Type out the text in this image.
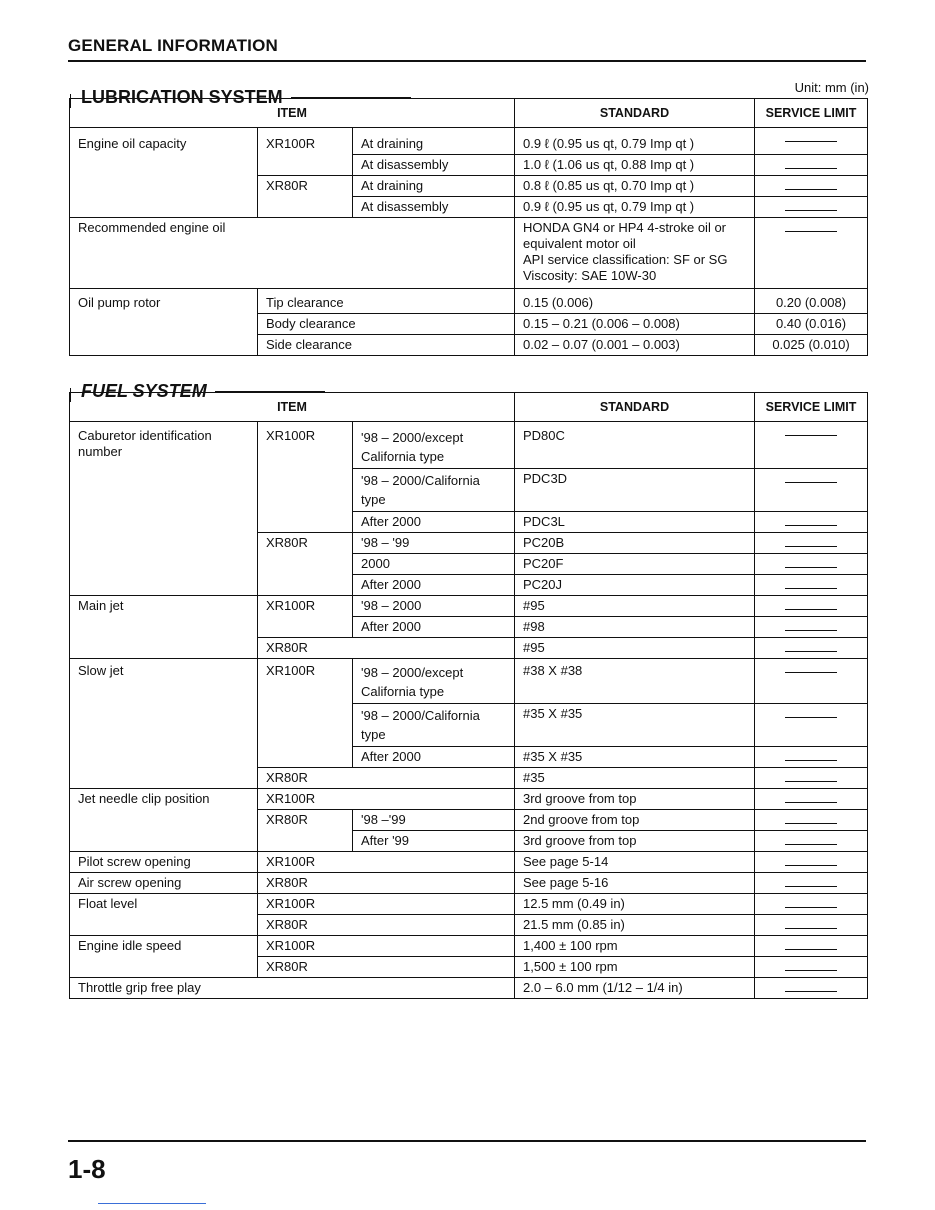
GENERAL INFORMATION
Unit: mm (in)
LUBRICATION SYSTEM
ITEM			STANDARD	SERVICE LIMIT
Engine oil capacity	XR100R	At draining	0.9 ℓ (0.95 us qt, 0.79 Imp qt )	
		At disassembly	1.0 ℓ (1.06 us qt, 0.88 Imp qt )	
	XR80R	At draining	0.8 ℓ (0.85 us qt, 0.70 Imp qt )	
		At disassembly	0.9 ℓ (0.95 us qt, 0.79 Imp qt )	
Recommended engine oil			HONDA GN4 or HP4 4-stroke oil or
equivalent motor oil
API service classification: SF or SG
Viscosity: SAE 10W-30	

Oil pump rotor	Tip clearance		0.15 (0.006)	0.20 (0.008)
	Body clearance		0.15 – 0.21 (0.006 – 0.008)	0.40 (0.016)
	Side clearance		0.02 – 0.07 (0.001 – 0.003)	0.025 (0.010)
FUEL SYSTEM
ITEM			STANDARD	SERVICE LIMIT
Caburetor identification number	XR100R	'98 – 2000/except California type	PD80C	
		'98 – 2000/California type	PDC3D	
		After 2000	PDC3L	
	XR80R	'98 – '99	PC20B	
		2000	PC20F	
		After 2000	PC20J	
Main jet	XR100R	'98 – 2000	#95	
		After 2000	#98	
	XR80R		#95	
Slow jet	XR100R	'98 – 2000/except California type	#38 X #38	
		'98 – 2000/California type	#35 X #35	
		After 2000	#35 X #35	
	XR80R		#35	
Jet needle clip position	XR100R		3rd groove from top	
	XR80R	'98 –'99	2nd groove from top	
		After '99	3rd groove from top	
Pilot screw opening	XR100R		See page 5-14	
Air screw opening	XR80R		See page 5-16	
Float level	XR100R		12.5 mm (0.49 in)	
	XR80R		21.5 mm (0.85 in)	
Engine idle speed	XR100R		1,400 ± 100 rpm	
	XR80R		1,500 ± 100 rpm	
Throttle grip free play			2.0 – 6.0 mm (1/12 – 1/4 in)	
1-8
